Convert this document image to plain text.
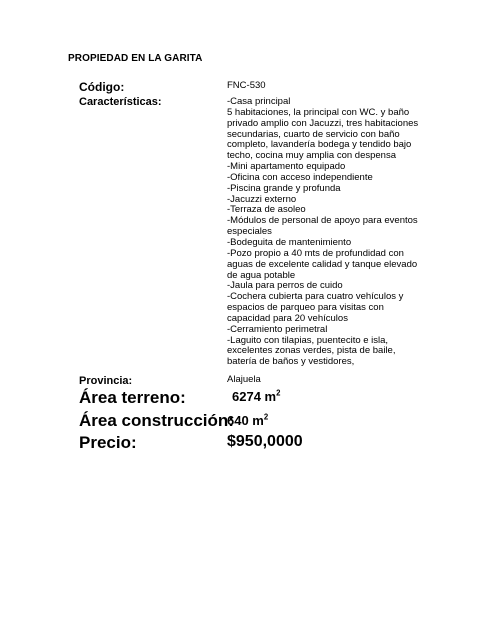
PROPIEDAD EN LA GARITA
Código:	FNC-530
Características:	-Casa principal
5 habitaciones, la principal con WC. y baño
privado amplio con Jacuzzi, tres habitaciones
secundarias, cuarto de servicio con baño
completo, lavandería bodega y tendido bajo
techo, cocina muy amplia con despensa
-Mini apartamento equipado
-Oficina con acceso independiente
-Piscina grande y profunda
-Jacuzzi externo
-Terraza de asoleo
-Módulos de personal de apoyo para eventos
especiales
-Bodeguita de mantenimiento
-Pozo propio a 40 mts de profundidad con
aguas de excelente calidad y tanque elevado
de agua potable
-Jaula para perros de cuido
-Cochera cubierta para cuatro vehículos y
espacios de parqueo para visitas con
capacidad para 20 vehículos
-Cerramiento perimetral
-Laguito con tilapias, puentecito e isla,
excelentes zonas verdes, pista de baile,
batería de baños y vestidores,
Provincia:	Alajuela
Área terreno:	6274 $m^2$
Área construcción:
640 $m^2$
Precio:	$950,0000
